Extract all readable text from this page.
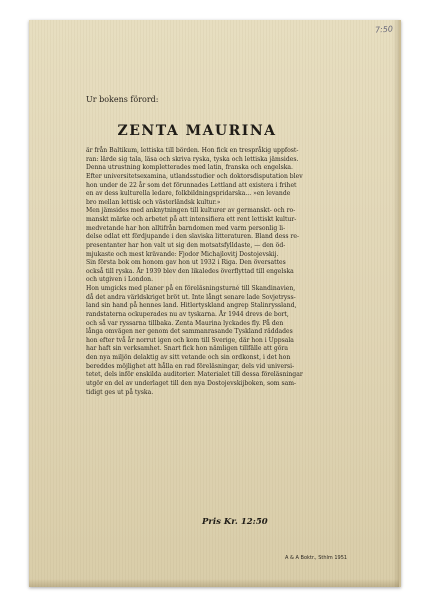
7:50
Ur bokens förord:
ZENTA MAURINA
är från Baltikum, lettiska till börden. Hon fick en trespråkig uppfost-
ran: lärde sig tala, läsa och skriva ryska, tyska och lettiska jämsides.
Denna utrustning kompletterades med latin, franska och engelska.
Efter universitetsexamina, utlandsstudier och doktorsdisputation blev
hon under de 22 år som det förunnades Lettland att existera i frihet
en av dess kulturella ledare, folkbildningspridarska... »en levande
bro mellan lettisk och västerländsk kultur.»
Men jämsides med anknytningen till kulturer av germanskt- och ro-
manskt märke och arbetet på att intensifiera ett rent lettiskt kultur-
medvetande har hon alltifrån barndomen med varm personlig li-
delse odlat ett fördjupande i den slaviska litteraturen. Bland dess re-
presentanter har hon valt ut sig den motsatsfylldaste, — den öd-
mjukaste och mest krävande: Fjodor Michajlovitj Dostojevskij.
Sin första bok om honom gav hon ut 1932 i Riga. Den översattes
också till ryska. År 1939 blev den likaledes överflyttad till engelska
och utgiven i London.
Hon umgicks med planer på en föreläsningsturné till Skandinavien,
då det andra världskriget bröt ut. Inte långt senare lade Sovjetryss-
land sin hand på hennes land. Hitlertyskland angrep Stalinryssland,
randstaterna ockuperades nu av tyskarna. År 1944 drevs de bort,
och så var ryssarna tillbaka. Zenta Maurina lyckades fly. På den
långa omvägen ner genom det sammanrasande Tyskland räddades
hon efter två år norrut igen och kom till Sverige, där hon i Uppsala
har haft sin verksamhet. Snart fick hon nämligen tillfälle att göra
den nya miljön delaktig av sitt vetande och sin ordkonst, i det hon
bereddes möjlighet att hålla en rad föreläsningar, dels vid universi-
tetet, dels inför enskilda auditorier. Materialet till dessa föreläsningar
utgör en del av underlaget till den nya Dostojevskijboken, som sam-
tidigt ges ut på tyska.
Pris Kr. 12:50
A & A Boktr., Sthlm 1951
